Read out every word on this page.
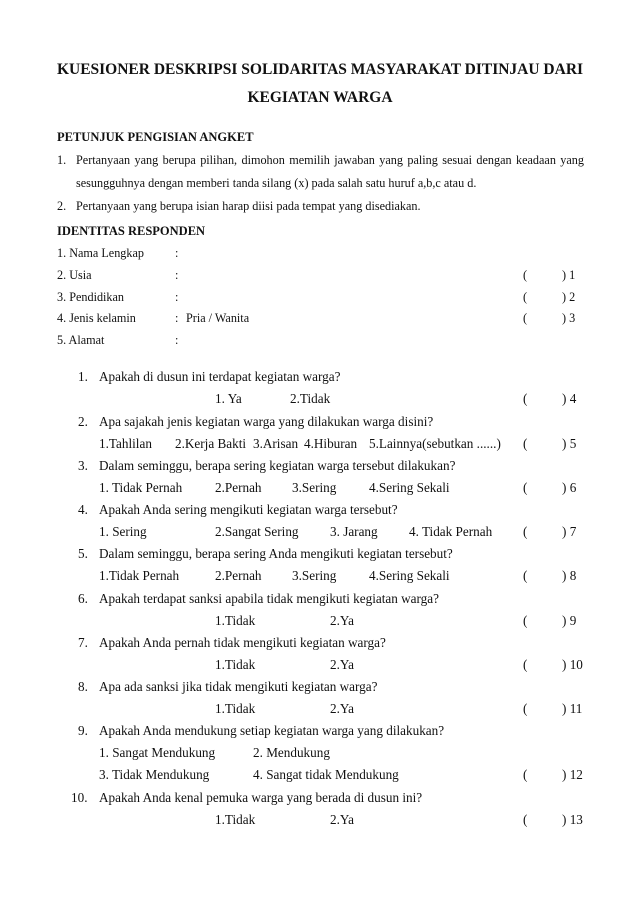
KUESIONER DESKRIPSI SOLIDARITAS MASYARAKAT DITINJAU DARI
KEGIATAN WARGA
PETUNJUK PENGISIAN ANGKET
1. Pertanyaan yang berupa pilihan, dimohon memilih jawaban yang paling sesuai dengan keadaan yang
sesungguhnya dengan memberi tanda silang (x) pada salah satu huruf a,b,c atau d.
2. Pertanyaan yang berupa isian harap diisi pada tempat yang disediakan.
IDENTITAS RESPONDEN
1. Nama Lengkap	:
2. Usia	:	(	) 1
3. Pendidikan	:	(	) 2
4. Jenis kelamin	: Pria / Wanita	(	) 3
5. Alamat	:
1. Apakah di dusun ini terdapat kegiatan warga?
1. Ya	2.Tidak	(	) 4
2. Apa sajakah jenis kegiatan warga yang dilakukan warga disini?
1.Tahlilan 2.Kerja Bakti 3.Arisan 4.Hiburan 5.Lainnya(sebutkan ......) (	) 5
3. Dalam seminggu, berapa sering kegiatan warga tersebut dilakukan?
1. Tidak Pernah 2.Pernah 3.Sering 4.Sering Sekali	(	) 6
4. Apakah Anda sering mengikuti kegiatan warga tersebut?
1. Sering	2.Sangat Sering 3. Jarang 4. Tidak Pernah (	) 7
5. Dalam seminggu, berapa sering Anda mengikuti kegiatan tersebut?
1.Tidak Pernah	2.Pernah 3.Sering 4.Sering Sekali	(	) 8
6. Apakah terdapat sanksi apabila tidak mengikuti kegiatan warga?
1.Tidak	2.Ya	(	) 9
7. Apakah Anda pernah tidak mengikuti kegiatan warga?
1.Tidak	2.Ya	(	) 10
8. Apa ada sanksi jika tidak mengikuti kegiatan warga?
1.Tidak	2.Ya	(	) 11
9. Apakah Anda mendukung setiap kegiatan warga yang dilakukan?
1. Sangat Mendukung	2. Mendukung
3. Tidak Mendukung	4. Sangat tidak Mendukung	(	) 12
10. Apakah Anda kenal pemuka warga yang berada di dusun ini?
1.Tidak	2.Ya	(	) 13
